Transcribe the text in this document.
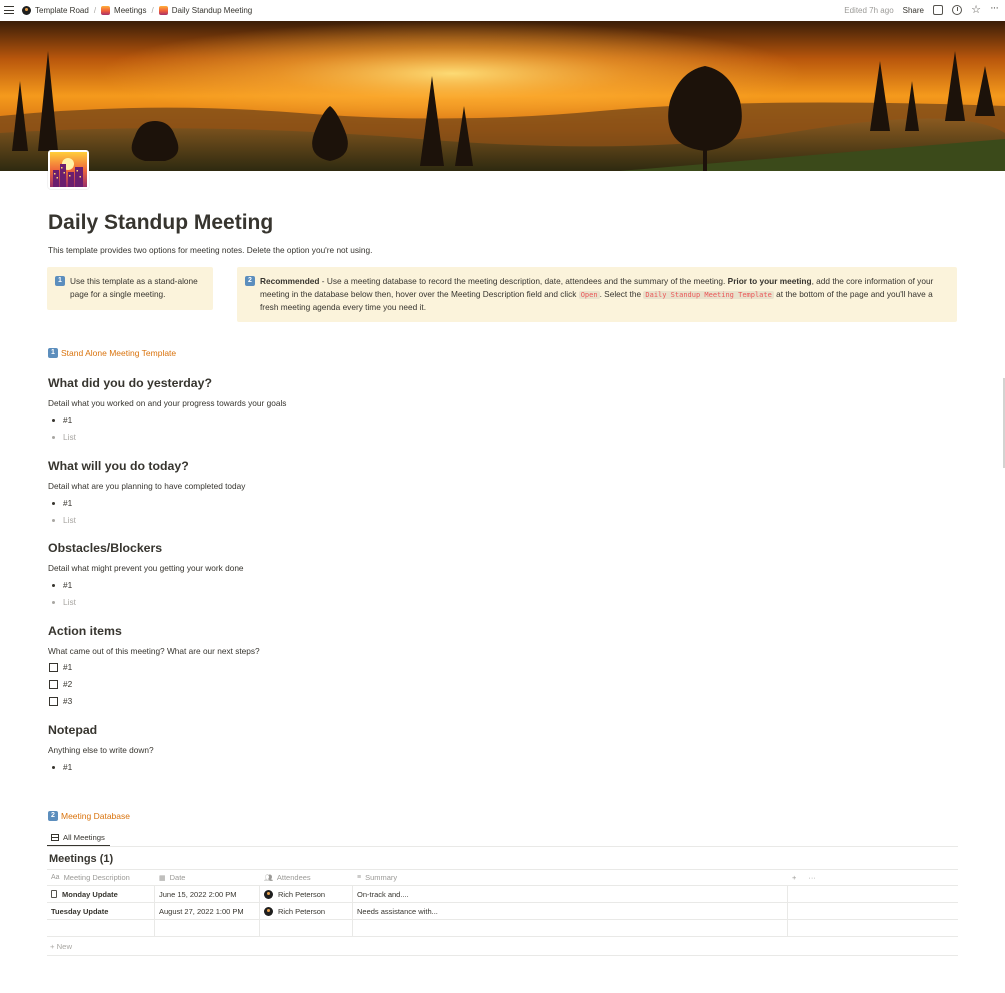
Template Road / Meetings / Daily Standup Meeting	Edited 7h ago Share	☆ ···
Daily Standup Meeting
This template provides two options for meeting notes. Delete the option you're not using.
1 Use this template as a stand-alone page for a single meeting.
2 Recommended - Use a meeting database to record the meeting description, date, attendees and the summary of the meeting. Prior to your meeting, add the core information of your meeting in the database below then, hover over the Meeting Description field and click Open . Select the Daily Standup Meeting Template at the bottom of the page and you'll have a fresh meeting agenda every time you need it.
1 Stand Alone Meeting Template
What did you do yesterday?
Detail what you worked on and your progress towards your goals
#1
List
What will you do today?
Detail what are you planning to have completed today
#1
List
Obstacles/Blockers
Detail what might prevent you getting your work done
#1
List
Action items
What came out of this meeting? What are our next steps?
#1
#2
#3
Notepad
Anything else to write down?
#1
2 Meeting Database
All Meetings
Meetings (1)
Aa Meeting Description	▦ Date	👥︎ Attendees	≡ Summary	+ ···
Monday Update	June 15, 2022 2:00 PM	Rich Peterson	On-track and....
Tuesday Update	August 27, 2022 1:00 PM	Rich Peterson	Needs assistance with...
+ New
